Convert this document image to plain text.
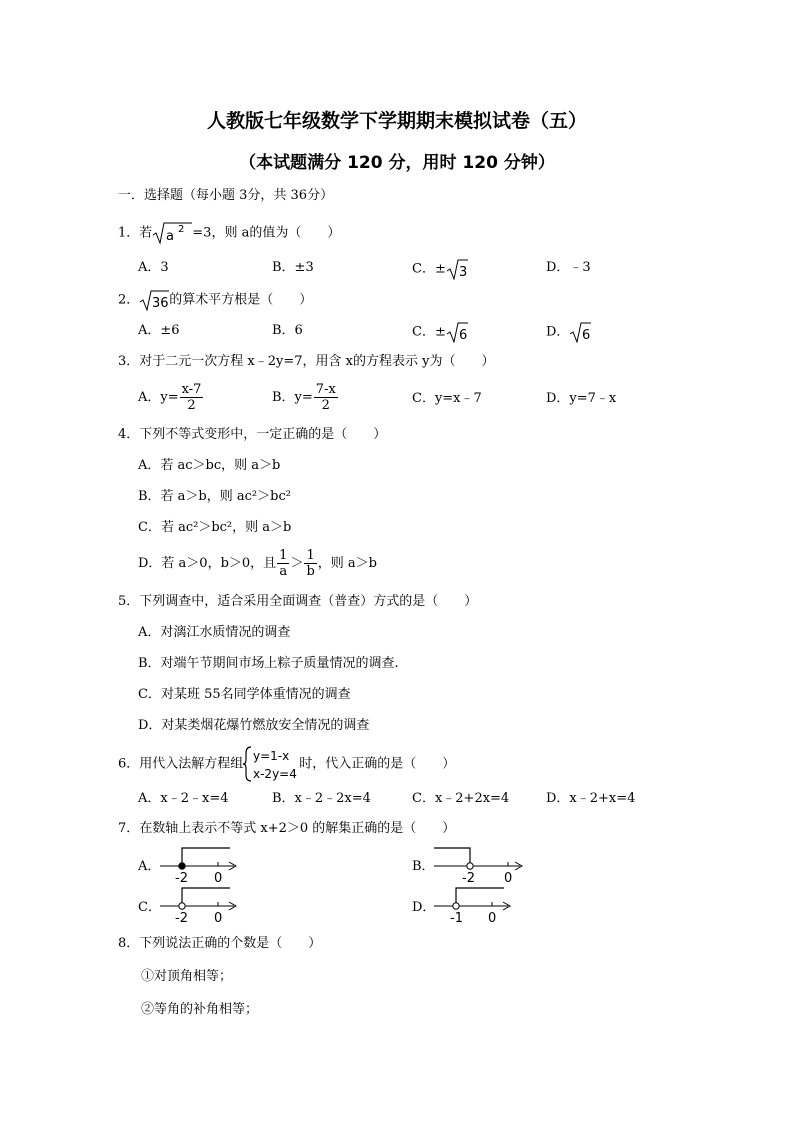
人教版七年级数学下学期期末模拟试卷（五）
（本试题满分 120 分，用时 120 分钟）
一．选择题（每小题 3分，共 36分）
1．若 a 2 =3，则 a的值为（　　）
A．3	B．±3	C．± 3	D．﹣3
2． 36 的算术平方根是（　　）
A．±6	B．6	C．± 6	D． 6
3．对于二元一次方程 x﹣2y=7，用含 x的方程表示 y为（　　）
A．$y= \frac{x-7}{2}$	B．$y= \frac{7-x}{2}$	C．y=x﹣7	D．y=7﹣x
4．下列不等式变形中，一定正确的是（　　）
A．若 ac＞bc，则 a＞b
B．若 a＞b，则 ac²＞bc²
C．若 ac²＞bc²，则 a＞b
D．若 a＞0，b＞0，且 $\frac{1}{a} > \frac{1}{b}$ ，则 a＞b
5．下列调查中，适合采用全面调查（普查）方式的是（　　）
A．对漓江水质情况的调查
B．对端午节期间市场上粽子质量情况的调查.
C．对某班 55名同学体重情况的调查
D．对某类烟花爆竹燃放安全情况的调查
6．用代入法解方程组
y=1-x
x-2y=4
时，代入正确的是（　　）
A．x﹣2﹣x=4	B．x﹣2﹣2x=4	C．x﹣2+2x=4	D．x﹣2+x=4
7．在数轴上表示不等式 x+2＞0 的解集正确的是（　　）
A．
-2 0
B．
-2 0
C．
-2 0
D．
-1 0
8．下列说法正确的个数是（　　）
①对顶角相等；
②等角的补角相等；
